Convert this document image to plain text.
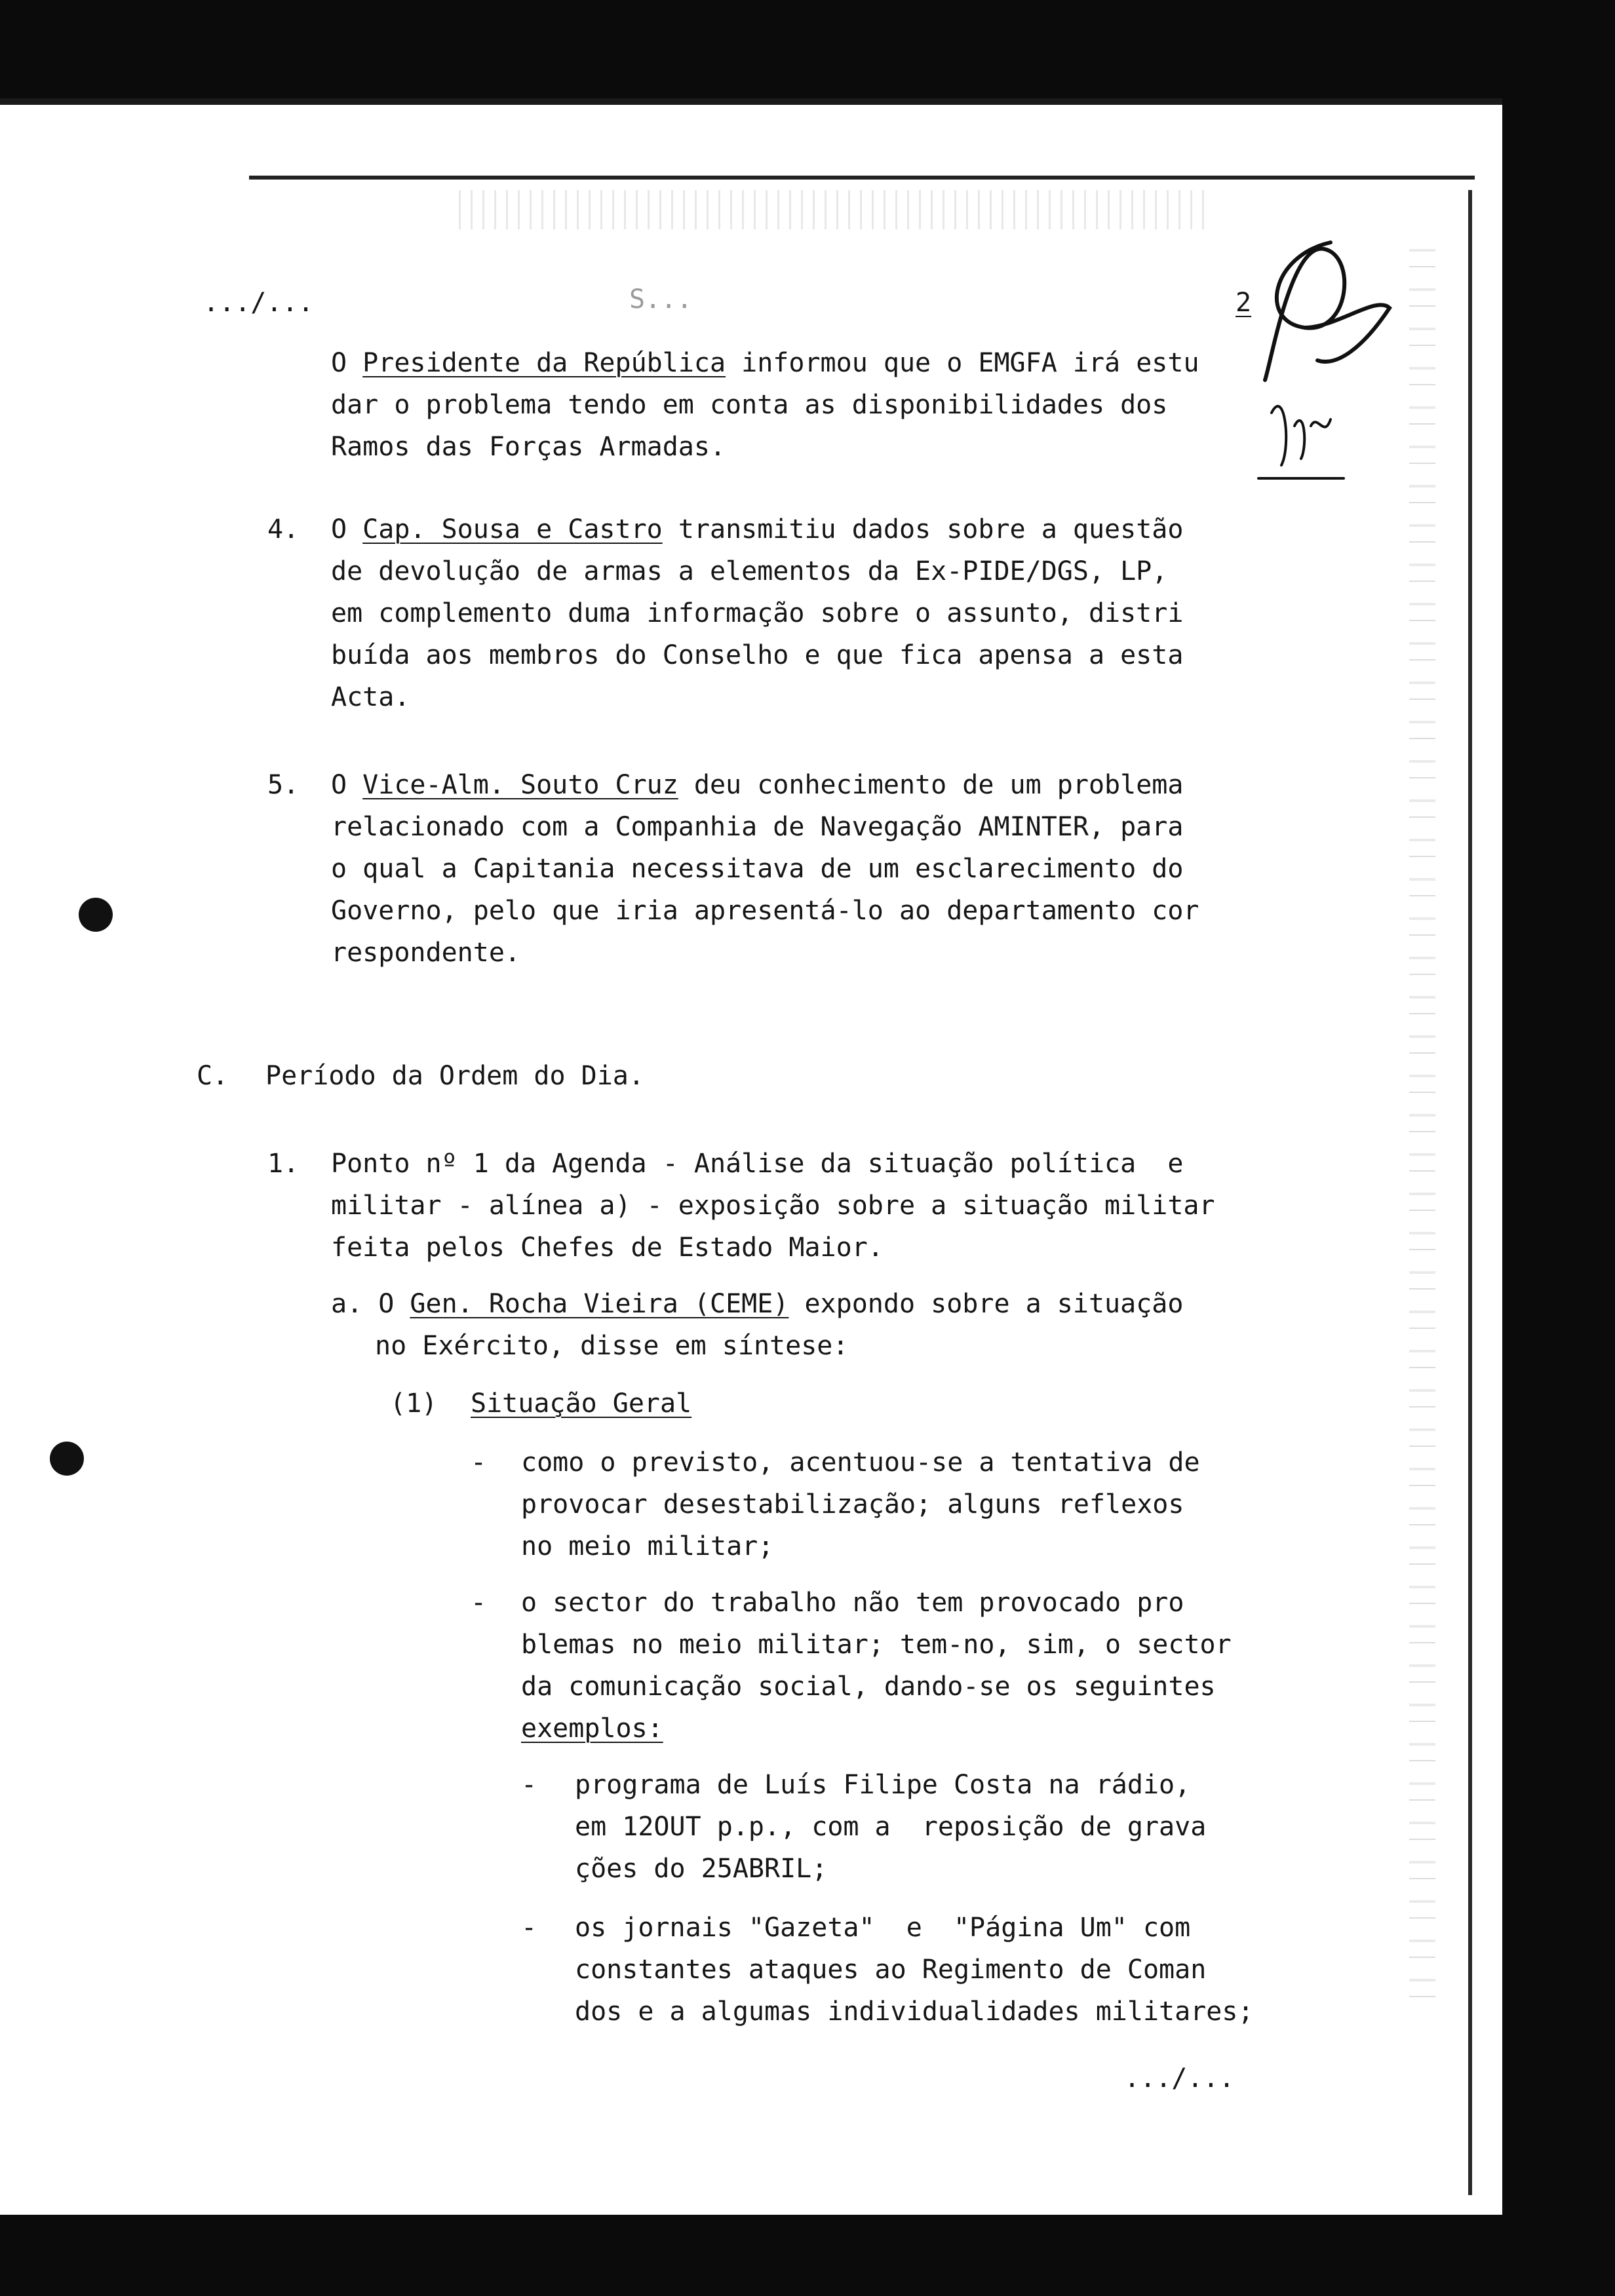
.../...	S...	2
O Presidente da República informou que o EMGFA irá estu
dar o problema tendo em conta as disponibilidades dos
Ramos das Forças Armadas.
4. O Cap. Sousa e Castro transmitiu dados sobre a questão
de devolução de armas a elementos da Ex-PIDE/DGS, LP,
em complemento duma informação sobre o assunto, distri
buída aos membros do Conselho e que fica apensa a esta
Acta.
5. O Vice-Alm. Souto Cruz deu conhecimento de um problema
relacionado com a Companhia de Navegação AMINTER, para
o qual a Capitania necessitava de um esclarecimento do
Governo, pelo que iria apresentá-lo ao departamento cor
respondente.
C. Período da Ordem do Dia.
1. Ponto nº 1 da Agenda - Análise da situação política  e
militar - alínea a) - exposição sobre a situação militar
feita pelos Chefes de Estado Maior.
a. O Gen. Rocha Vieira (CEME) expondo sobre a situação
no Exército, disse em síntese:
(1) Situação Geral
- como o previsto, acentuou-se a tentativa de
provocar desestabilização; alguns reflexos
no meio militar;
- o sector do trabalho não tem provocado pro
blemas no meio militar; tem-no, sim, o sector
da comunicação social, dando-se os seguintes
exemplos:
- programa de Luís Filipe Costa na rádio,
em 12OUT p.p., com a  reposição de grava
ções do 25ABRIL;
- os jornais "Gazeta"  e  "Página Um" com
constantes ataques ao Regimento de Coman
dos e a algumas individualidades militares;
.../...
